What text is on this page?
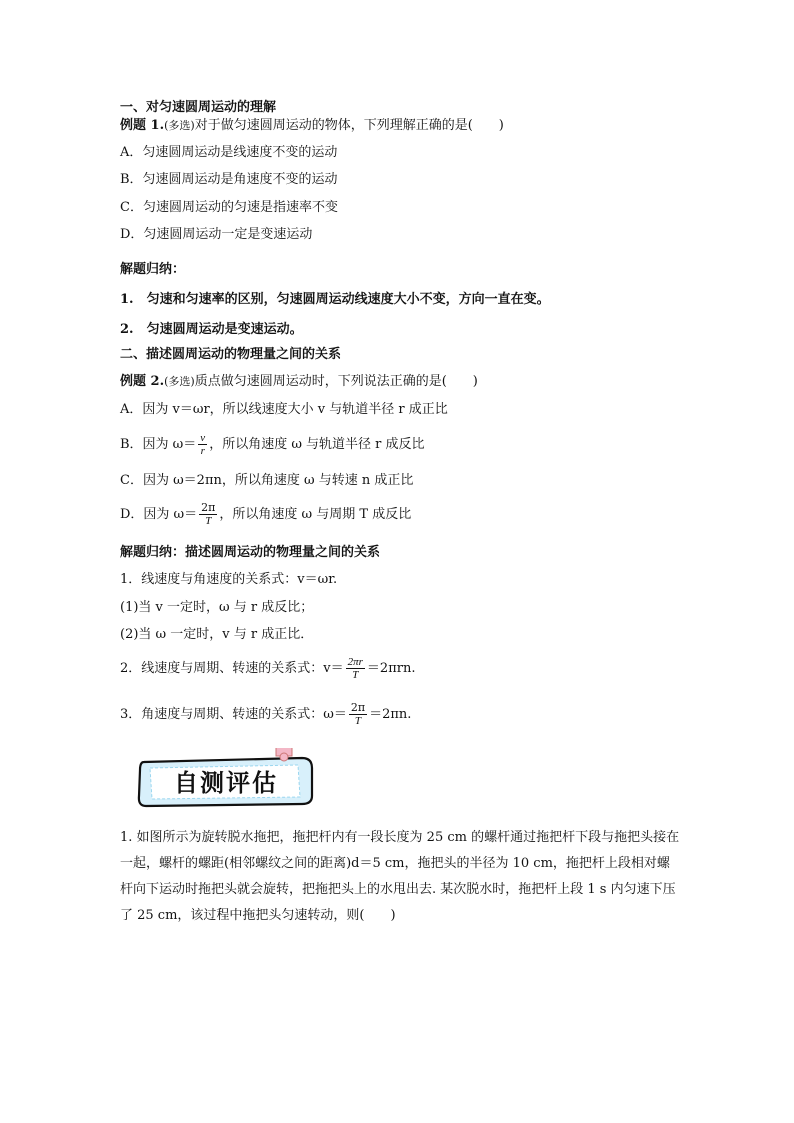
一、对匀速圆周运动的理解
例题 1.(多选)对于做匀速圆周运动的物体，下列理解正确的是(　　)
A．匀速圆周运动是线速度不变的运动
B．匀速圆周运动是角速度不变的运动
C．匀速圆周运动的匀速是指速率不变
D．匀速圆周运动一定是变速运动
解题归纳：
1.　匀速和匀速率的区别，匀速圆周运动线速度大小不变，方向一直在变。
2.　匀速圆周运动是变速运动。
二、描述圆周运动的物理量之间的关系
例题 2.(多选)质点做匀速圆周运动时，下列说法正确的是(　　)
A．因为 v＝ωr，所以线速度大小 v 与轨道半径 r 成正比
B．因为 $\omega= \frac{v}{r}$ ，所以角速度 ω 与轨道半径 r 成反比
C．因为 ω＝2πn，所以角速度 ω 与转速 n 成正比
D．因为 $\omega= \frac{2\pi}{T}$ ，所以角速度 ω 与周期 T 成反比
解题归纳：描述圆周运动的物理量之间的关系
1．线速度与角速度的关系式：v＝ωr.
(1)当 v 一定时，ω 与 r 成反比；
(2)当 ω 一定时，v 与 r 成正比．
2．线速度与周期、转速的关系式：$v= \frac{2\pi r}{T} =2\pi rn$.
3．角速度与周期、转速的关系式：$\omega= \frac{2\pi}{T} =2\pi n$.
自测评估
1. 如图所示为旋转脱水拖把，拖把杆内有一段长度为 25 cm 的螺杆通过拖把杆下段与拖把头接在一起，螺杆的螺距(相邻螺纹之间的距离)d＝5 cm，拖把头的半径为 10 cm，拖把杆上段相对螺杆向下运动时拖把头就会旋转，把拖把头上的水甩出去. 某次脱水时，拖把杆上段 1 s 内匀速下压了 25 cm，该过程中拖把头匀速转动，则(　　)
